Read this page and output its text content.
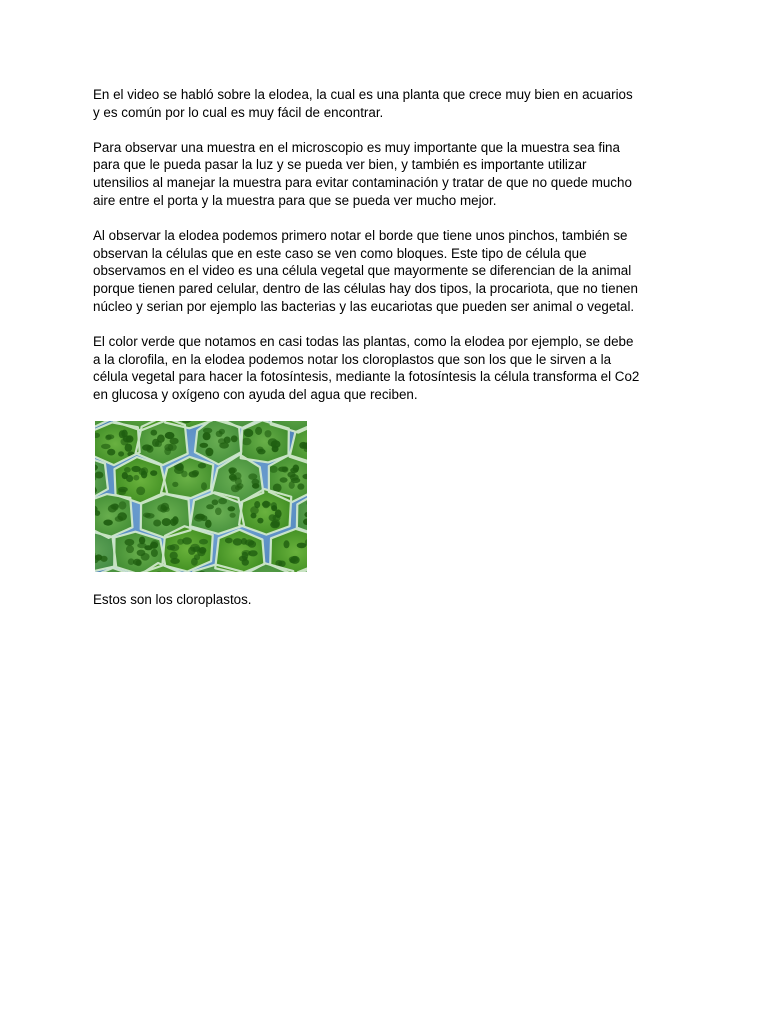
En el video se habló sobre la elodea, la cual es una planta que crece muy bien en acuarios
y es común por lo cual es muy fácil de encontrar.

Para observar una muestra en el microscopio es muy importante que la muestra sea fina
para que le pueda pasar la luz y se pueda ver bien, y también es importante utilizar
utensilios al manejar la muestra para evitar contaminación y tratar de que no quede mucho
aire entre el porta y la muestra para que se pueda ver mucho mejor.

Al observar la elodea podemos primero notar el borde que tiene unos pinchos, también se
observan la células que en este caso se ven como bloques. Este tipo de célula que
observamos en el video es una célula vegetal que mayormente se diferencian de la animal
porque tienen pared celular, dentro de las células hay dos tipos, la procariota, que no tienen
núcleo y serian por ejemplo las bacterias y las eucariotas que pueden ser animal o vegetal.

El color verde que notamos en casi todas las plantas, como la elodea por ejemplo, se debe
a la clorofila, en la elodea podemos notar los cloroplastos que son los que le sirven a la
célula vegetal para hacer la fotosíntesis, mediante la fotosíntesis la célula transforma el Co2
en glucosa y oxígeno con ayuda del agua que reciben.

Estos son los cloroplastos.
